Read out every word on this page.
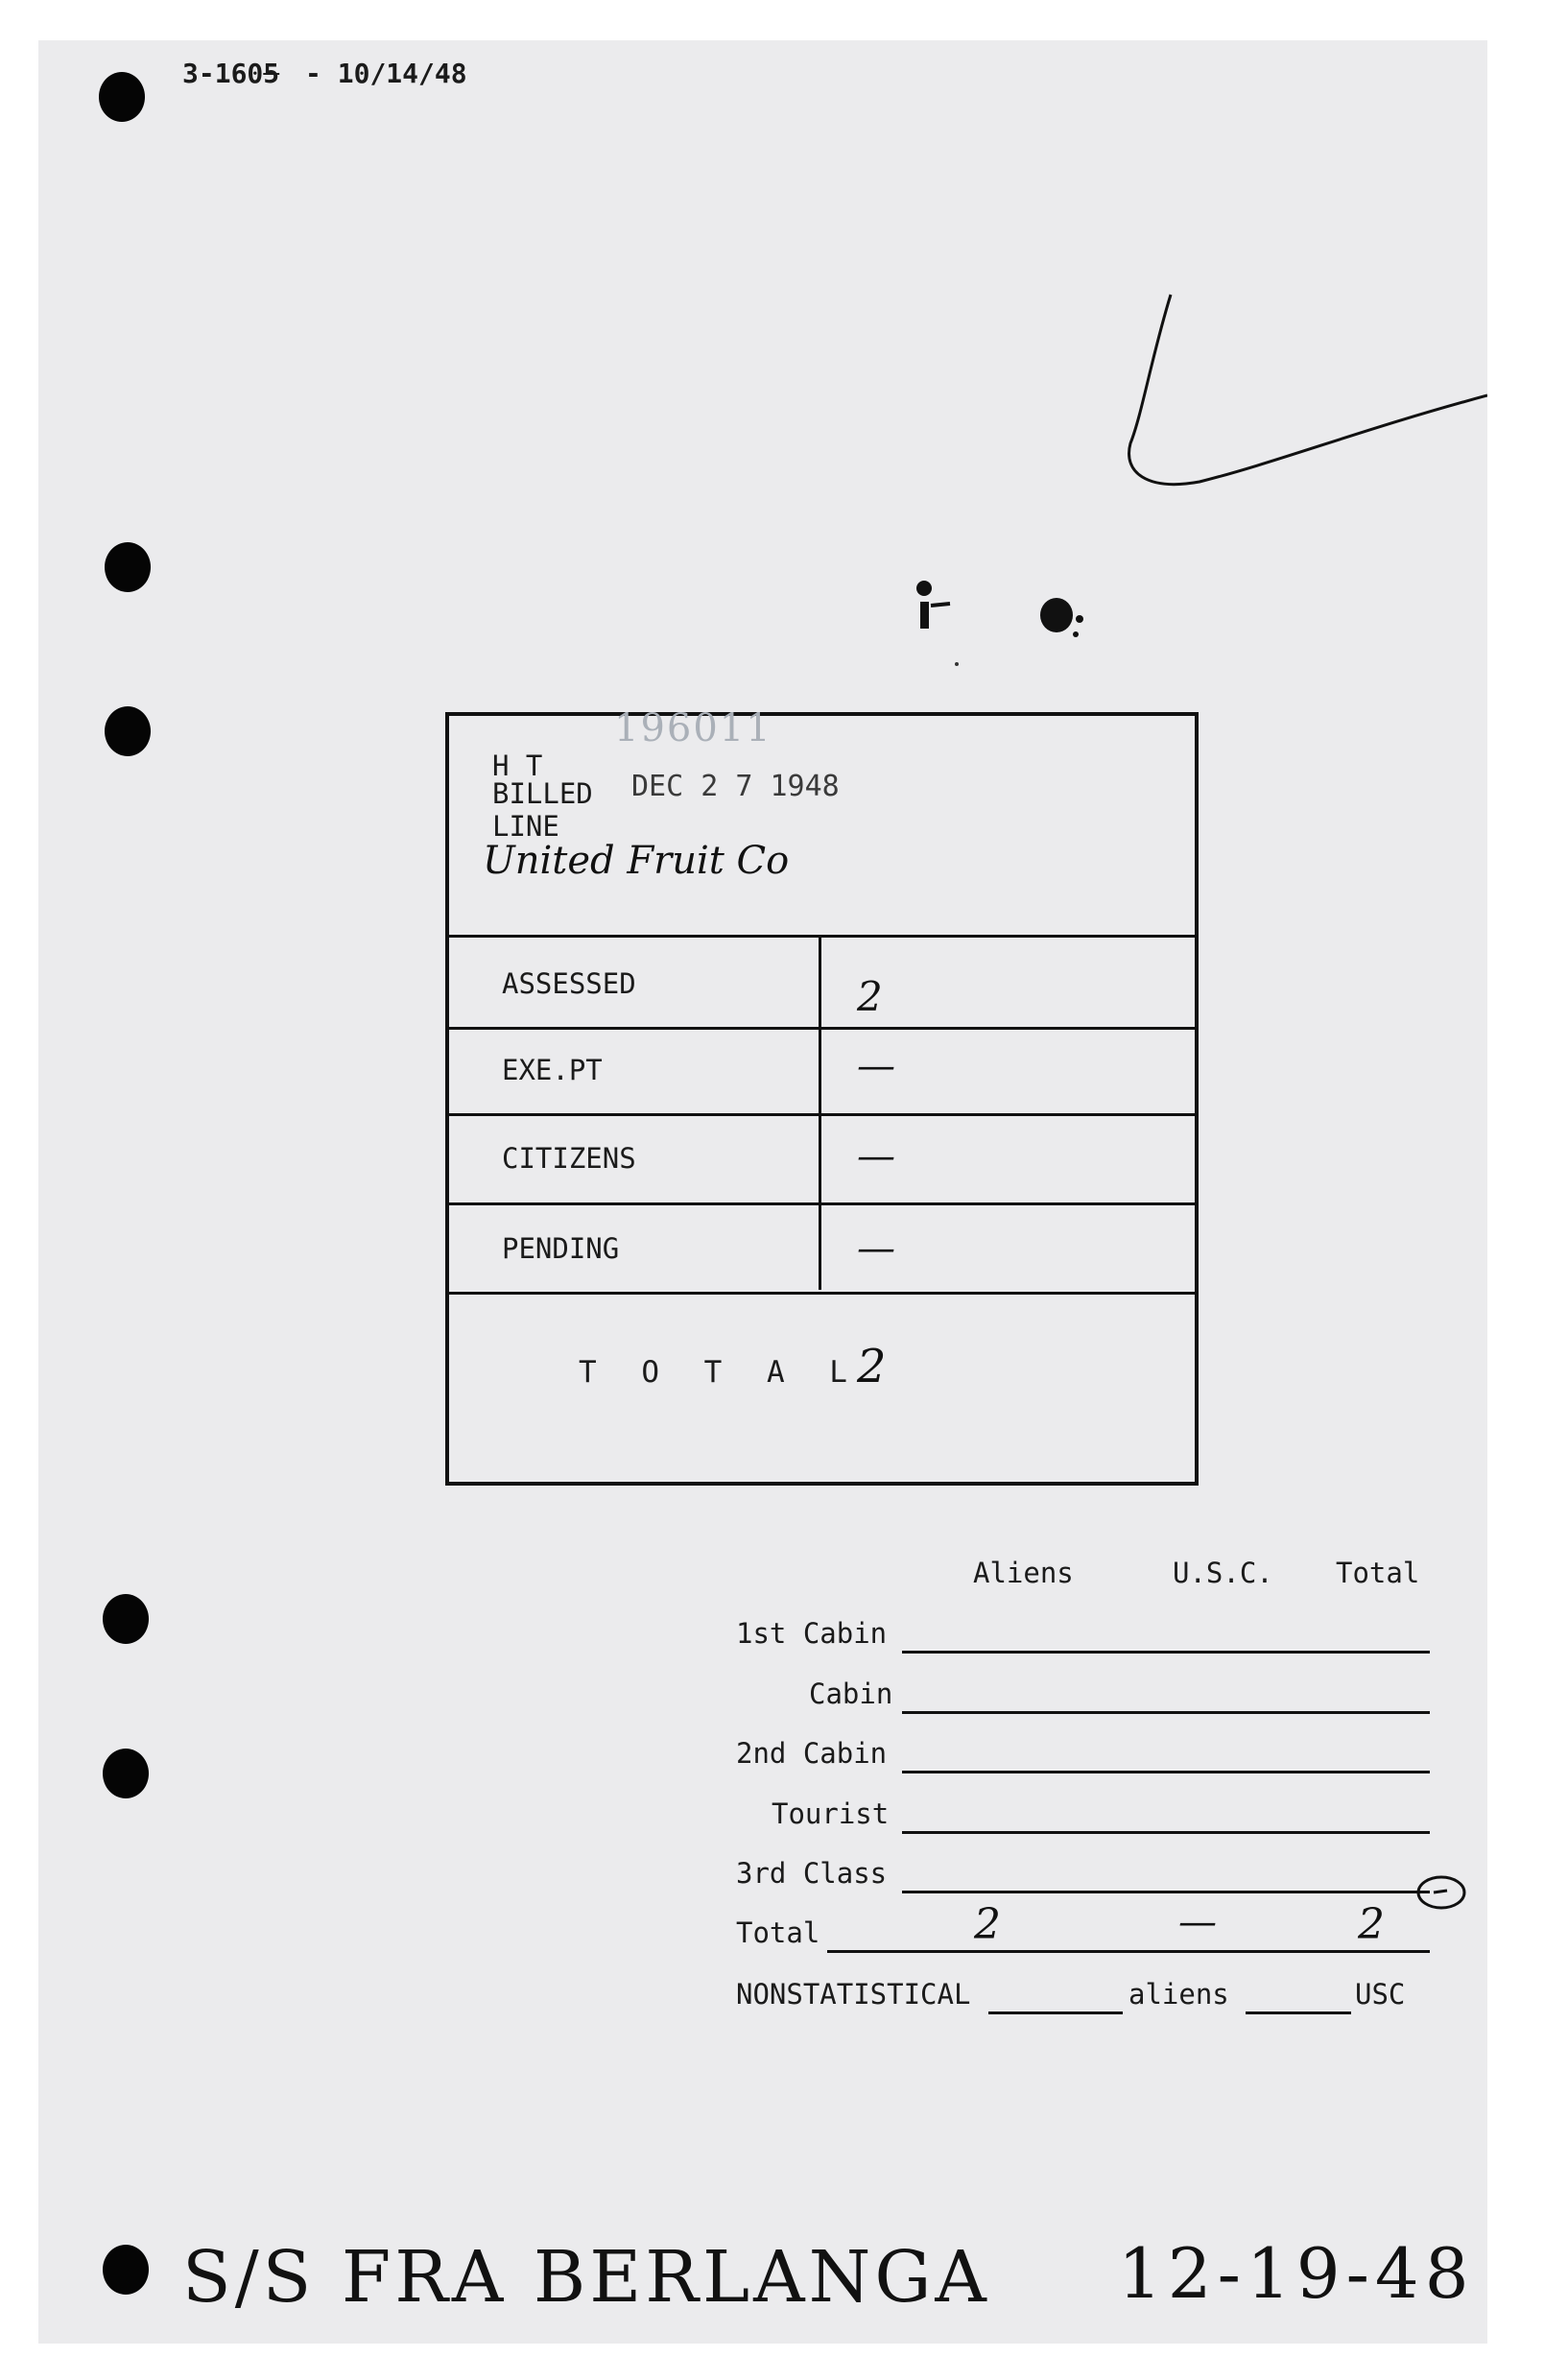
3-1605 - 10/14/48
196011
H T
BILLED DEC 2 7 1948
LINE
United Fruit Co
ASSESSED	2
EXE.PT	—
CITIZENS	—
PENDING	—
T O T A L
2
Aliens	U.S.C. Total
1st Cabin
Cabin
2nd Cabin
Tourist
3rd Class
Total	2	—	2
NONSTATISTICAL	aliens	USC
S/S FRA BERLANGA 12-19-48
